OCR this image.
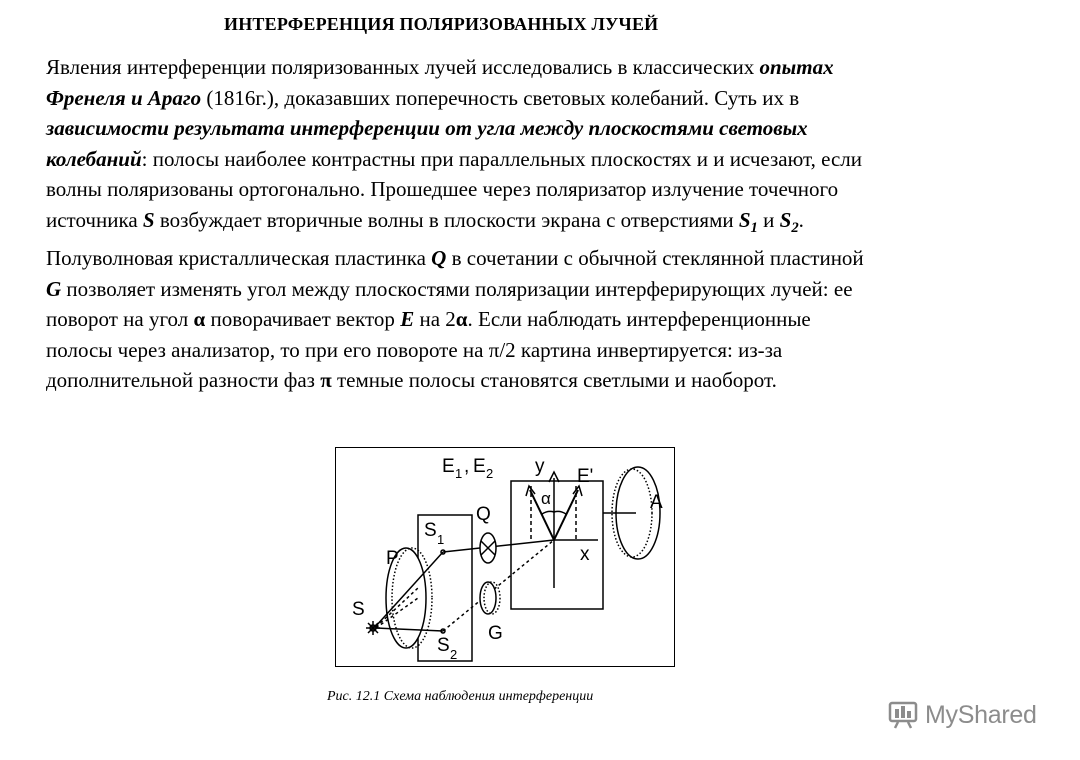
ИНТЕРФЕРЕНЦИЯ ПОЛЯРИЗОВАННЫХ ЛУЧЕЙ
Явления интерференции поляризованных лучей исследовались в классических опытах
Френеля и Араго (1816г.), доказавших поперечность световых колебаний. Суть их в
зависимости результата интерференции от угла между плоскостями световых
колебаний: полосы наиболее контрастны при параллельных плоскостях и и исчезают, если
волны поляризованы ортогонально. Прошедшее через поляризатор излучение точечного
источника S возбуждает вторичные волны в плоскости экрана с отверстиями $S_1$ и $S_2$.
Полуволновая кристаллическая пластинка Q в сочетании с обычной стеклянной пластиной
G позволяет изменять угол между плоскостями поляризации интерферирующих лучей: ее
поворот на угол α поворачивает вектор E на 2α. Если наблюдать интерференционные
полосы через анализатор, то при его повороте на π/2 картина инвертируется: из-за
дополнительной разности фаз π темные полосы становятся светлыми и наоборот.
E 1 , E 2 y
α
E'
A
Q
S 1
x
P
S
G
S 2
Рис. 12.1 Схема наблюдения интерференции
MyShared
